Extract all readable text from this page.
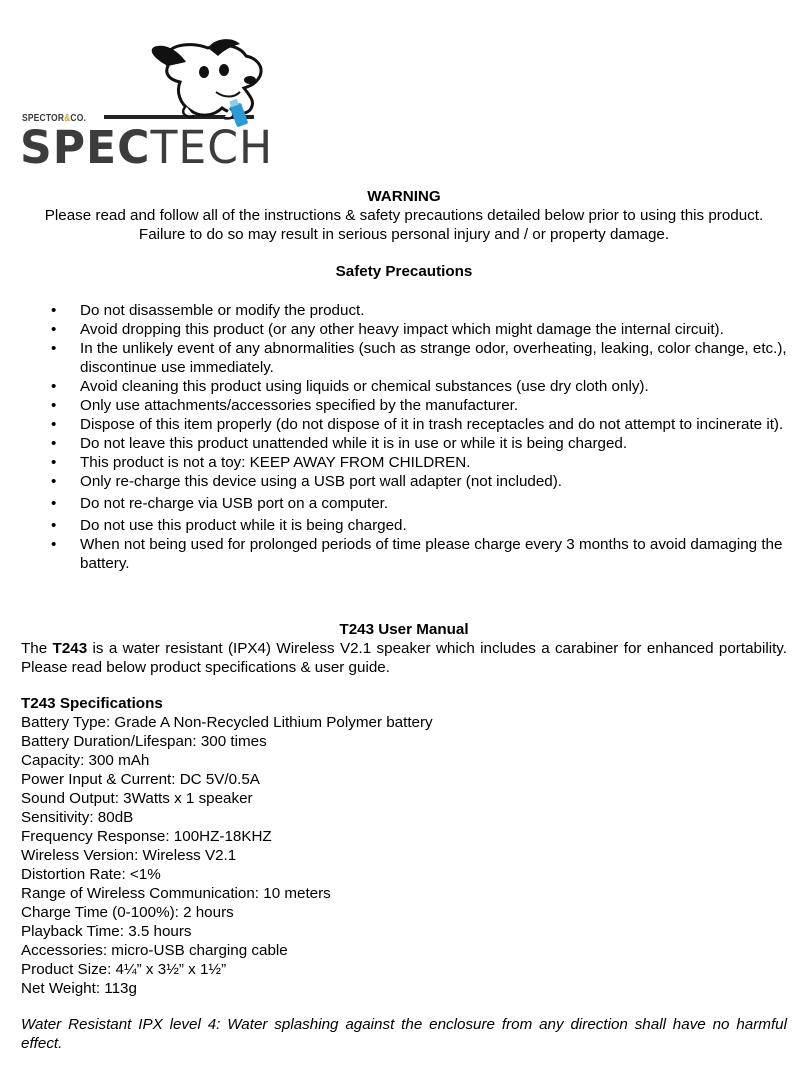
SPECTOR&CO.
SPECTECH
WARNING
Please read and follow all of the instructions & safety precautions detailed below prior to using this product. Failure to do so may result in serious personal injury and / or property damage.
Safety Precautions
• Do not disassemble or modify the product.
• Avoid dropping this product (or any other heavy impact which might damage the internal circuit).
• In the unlikely event of any abnormalities (such as strange odor, overheating, leaking, color change, etc.), discontinue use immediately.
• Avoid cleaning this product using liquids or chemical substances (use dry cloth only).
• Only use attachments/accessories specified by the manufacturer.
• Dispose of this item properly (do not dispose of it in trash receptacles and do not attempt to incinerate it).
• Do not leave this product unattended while it is in use or while it is being charged.
• This product is not a toy: KEEP AWAY FROM CHILDREN.
• Only re-charge this device using a USB port wall adapter (not included).
• Do not re-charge via USB port on a computer.
• Do not use this product while it is being charged.
• When not being used for prolonged periods of time please charge every 3 months to avoid damaging the battery.
T243 User Manual
The T243 is a water resistant (IPX4) Wireless V2.1 speaker which includes a carabiner for enhanced portability. Please read below product specifications & user guide.
T243 Specifications
Battery Type: Grade A Non-Recycled Lithium Polymer battery
Battery Duration/Lifespan: 300 times
Capacity: 300 mAh
Power Input & Current: DC 5V/0.5A
Sound Output: 3Watts x 1 speaker
Sensitivity: 80dB
Frequency Response: 100HZ-18KHZ
Wireless Version: Wireless V2.1
Distortion Rate: <1%
Range of Wireless Communication: 10 meters
Charge Time (0-100%): 2 hours
Playback Time: 3.5 hours
Accessories: micro-USB charging cable
Product Size: 4¼” x 3½” x 1½”
Net Weight: 113g
Water Resistant IPX level 4: Water splashing against the enclosure from any direction shall have no harmful effect.
